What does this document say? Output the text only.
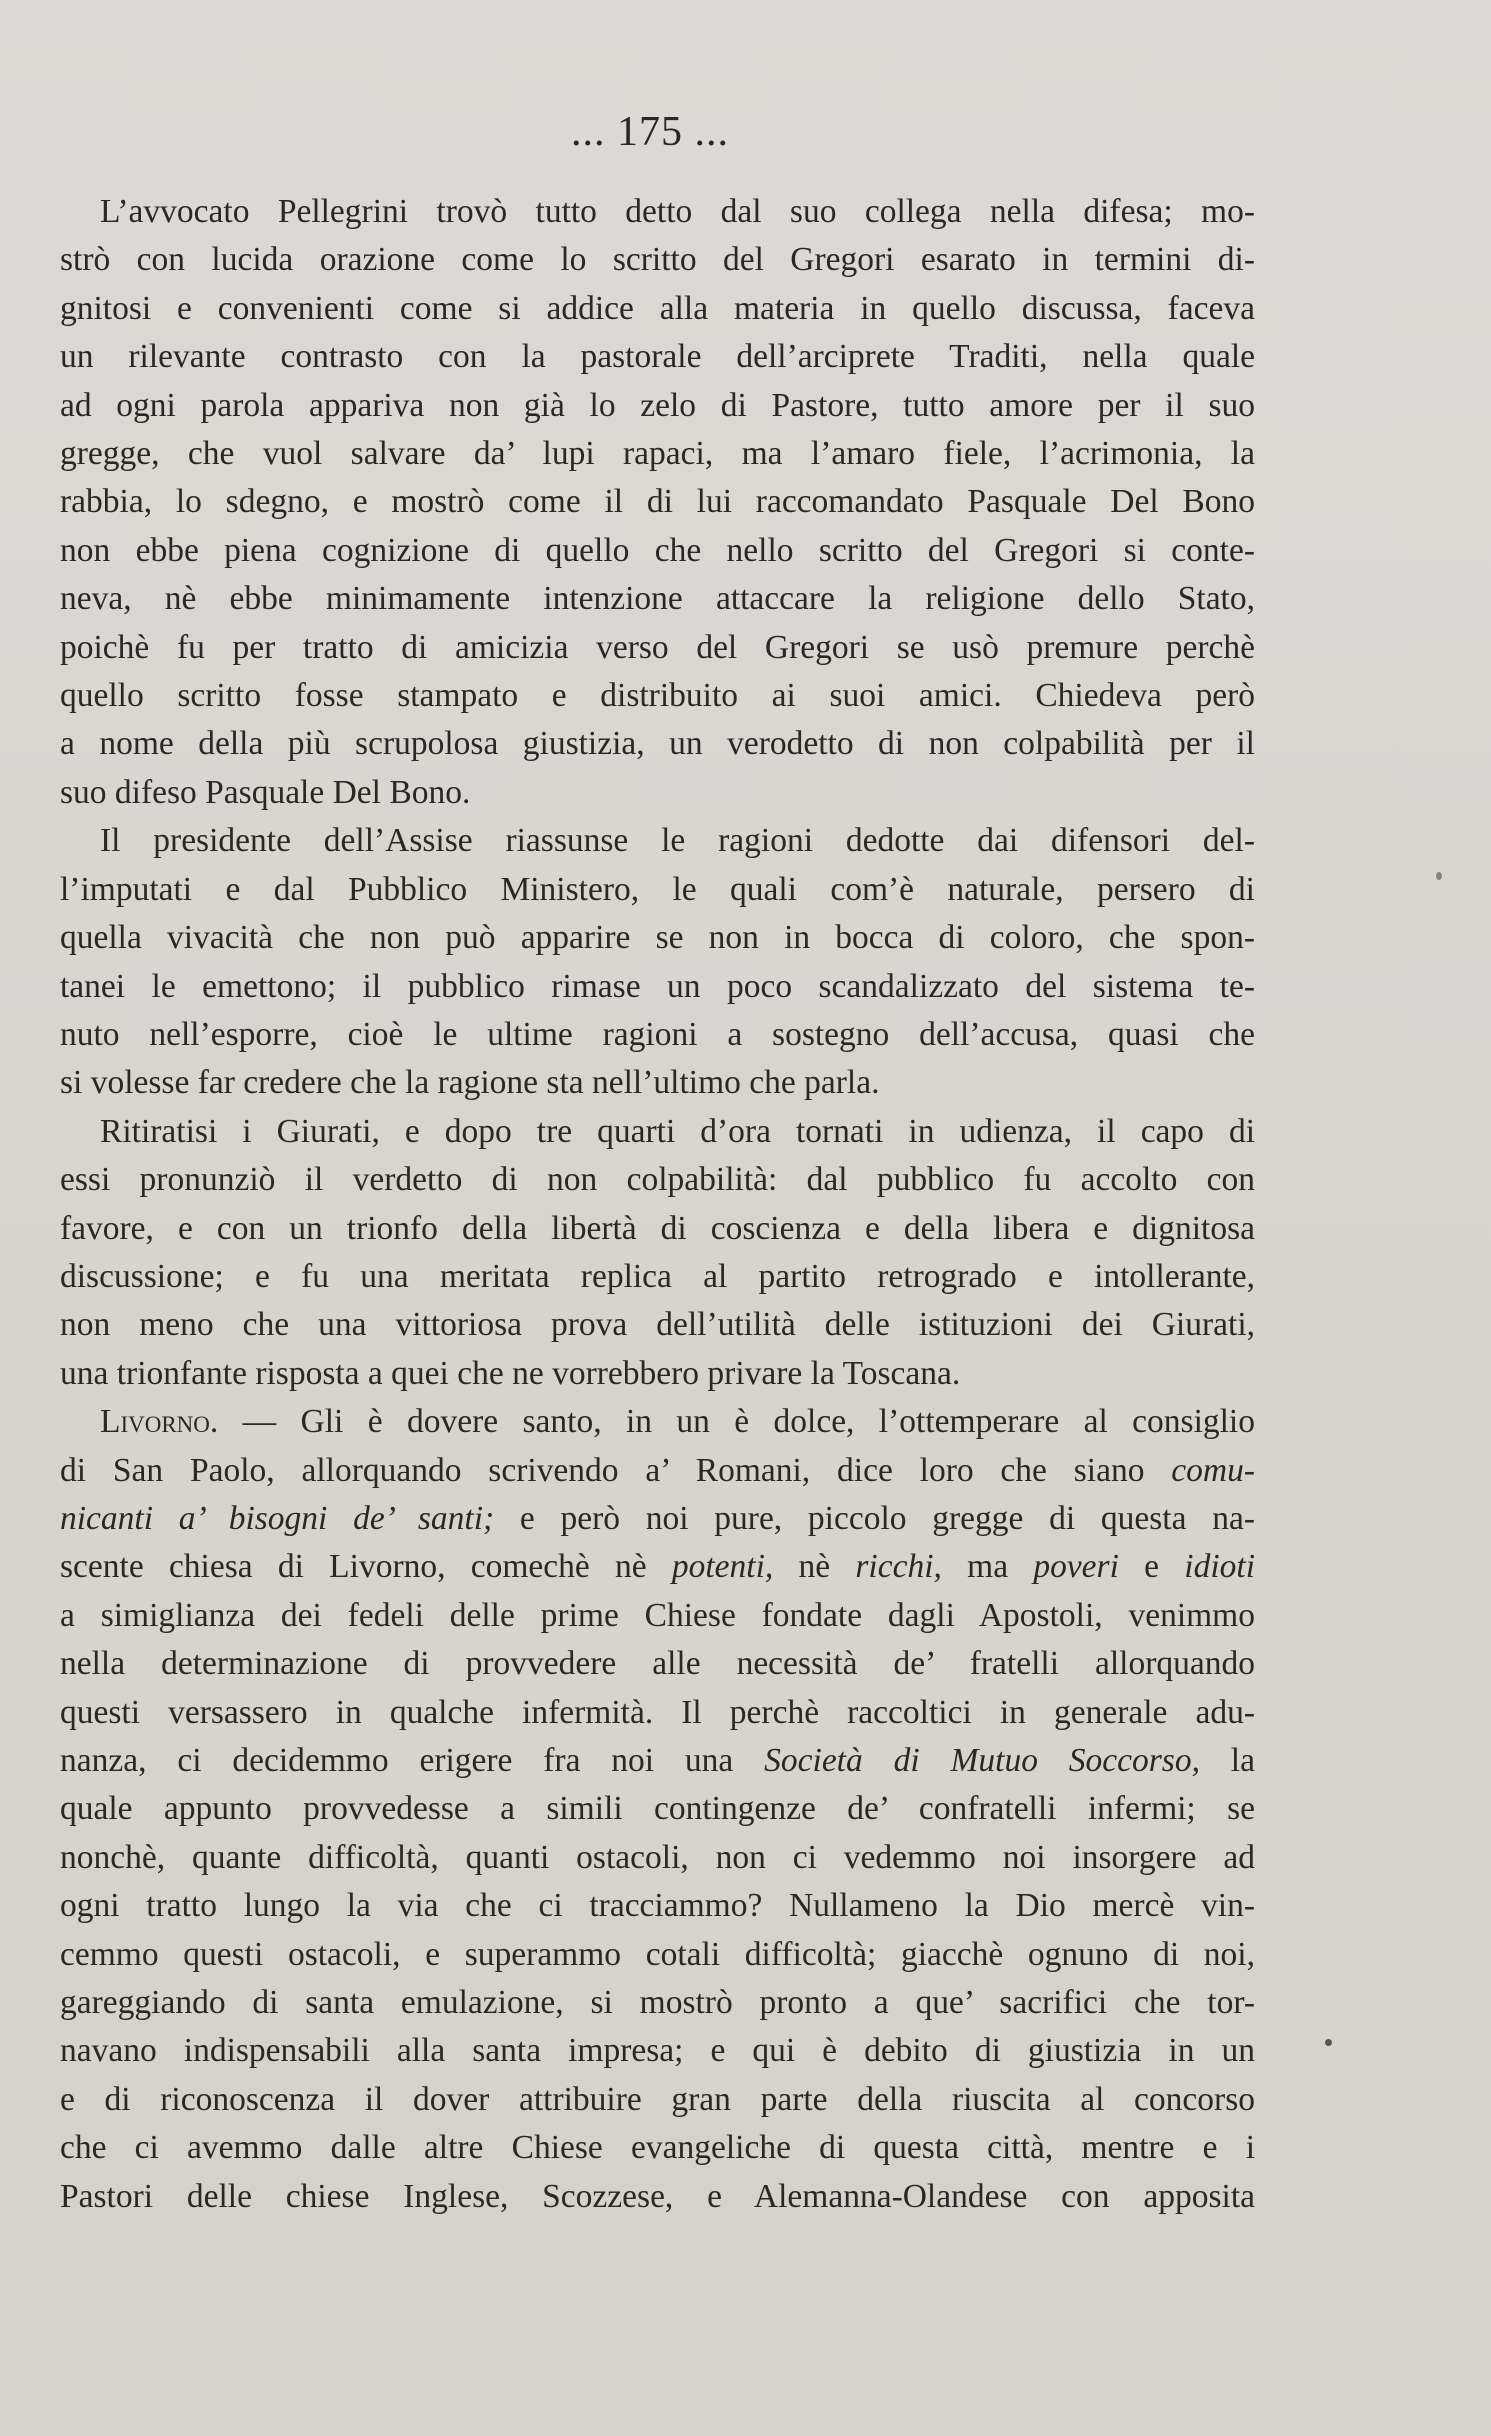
... 175 ...
L’avvocato Pellegrini trovò tutto detto dal suo collega nella difesa; mo-
strò con lucida orazione come lo scritto del Gregori esarato in termini di-
gnitosi e convenienti come si addice alla materia in quello discussa, faceva
un rilevante contrasto con la pastorale dell’arciprete Traditi, nella quale
ad ogni parola appariva non già lo zelo di Pastore, tutto amore per il suo
gregge, che vuol salvare da’ lupi rapaci, ma l’amaro fiele, l’acrimonia, la
rabbia, lo sdegno, e mostrò come il di lui raccomandato Pasquale Del Bono
non ebbe piena cognizione di quello che nello scritto del Gregori si conte-
neva, nè ebbe minimamente intenzione attaccare la religione dello Stato,
poichè fu per tratto di amicizia verso del Gregori se usò premure perchè
quello scritto fosse stampato e distribuito ai suoi amici. Chiedeva però
a nome della più scrupolosa giustizia, un verodetto di non colpabilità per il
suo difeso Pasquale Del Bono.
Il presidente dell’Assise riassunse le ragioni dedotte dai difensori del-
l’imputati e dal Pubblico Ministero, le quali com’è naturale, persero di
quella vivacità che non può apparire se non in bocca di coloro, che spon-
tanei le emettono; il pubblico rimase un poco scandalizzato del sistema te-
nuto nell’esporre, cioè le ultime ragioni a sostegno dell’accusa, quasi che
si volesse far credere che la ragione sta nell’ultimo che parla.
Ritiratisi i Giurati, e dopo tre quarti d’ora tornati in udienza, il capo di
essi pronunziò il verdetto di non colpabilità: dal pubblico fu accolto con
favore, e con un trionfo della libertà di coscienza e della libera e dignitosa
discussione; e fu una meritata replica al partito retrogrado e intollerante,
non meno che una vittoriosa prova dell’utilità delle istituzioni dei Giurati,
una trionfante risposta a quei che ne vorrebbero privare la Toscana.
Livorno. — Gli è dovere santo, in un è dolce, l’ottemperare al consiglio
di San Paolo, allorquando scrivendo a’ Romani, dice loro che siano comu-
nicanti a’ bisogni de’ santi; e però noi pure, piccolo gregge di questa na-
scente chiesa di Livorno, comechè nè potenti, nè ricchi, ma poveri e idioti
a simiglianza dei fedeli delle prime Chiese fondate dagli Apostoli, venimmo
nella determinazione di provvedere alle necessità de’ fratelli allorquando
questi versassero in qualche infermità. Il perchè raccoltici in generale adu-
nanza, ci decidemmo erigere fra noi una Società di Mutuo Soccorso, la
quale appunto provvedesse a simili contingenze de’ confratelli infermi; se
nonchè, quante difficoltà, quanti ostacoli, non ci vedemmo noi insorgere ad
ogni tratto lungo la via che ci tracciammo? Nullameno la Dio mercè vin-
cemmo questi ostacoli, e superammo cotali difficoltà; giacchè ognuno di noi,
gareggiando di santa emulazione, si mostrò pronto a que’ sacrifici che tor-
navano indispensabili alla santa impresa; e qui è debito di giustizia in un
e di riconoscenza il dover attribuire gran parte della riuscita al concorso
che ci avemmo dalle altre Chiese evangeliche di questa città, mentre e i
Pastori delle chiese Inglese, Scozzese, e Alemanna-Olandese con apposita
